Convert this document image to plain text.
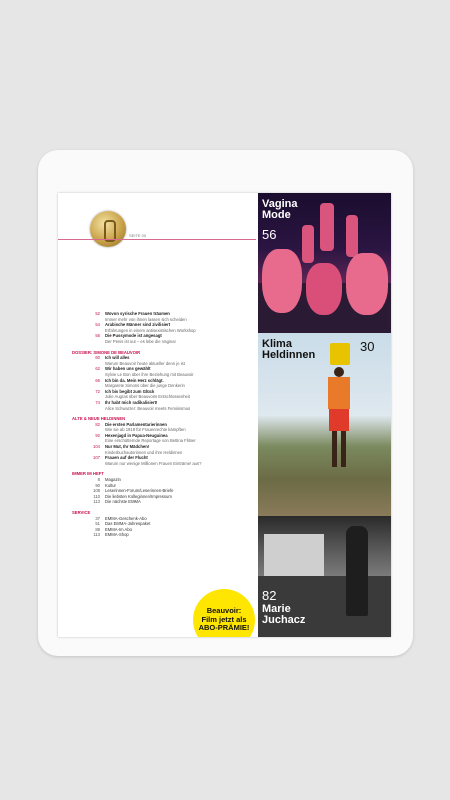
SEITE 00
52	Wovon syrische Frauen träumen
Immer mehr von ihnen lassen sich scheiden
54	Arabische Männer sind zivilisiert
Erfahrungen in einem antisexistischen Workshop
56	Die Pussymode ist angesagt
Der Penis ist out – es lebe die Vagina!
DOSSIER: SIMONE DE BEAUVOIR
60	Ich will alles
Warum Beauvoir heute aktueller denn je ist
62	Wir haben uns gewählt
Sylvie Le Bon über ihre Beziehung mit Beauvoir
66	Ich bin da. Mein Herz schlägt.
Margarete Simons über die junge Denkerin
72	Ich bis begibt zum Glück
Julie Augras über Beauvoirs Entschlossenheit
74	Ihr habt mich radikalisiert!
Alice Schwarzer: Beauvoir meets Feminismus
ALTE & NEUE HELDINNEN
82	Die ersten Parlamentarierinnen
Wie sie ab 1919 für Frauenrechte kämpften
92	Hexenjagd in Papua-Neuguinea
Eine erschütternde Reportage von Bettina Flitner
104	Nur Mut, Ihr Mädchen!
Kinderbuchautorinnen und ihre Heldinnen
107	Frauen auf der Flucht
Warum nur wenige Millionen Frauen Einträme! aus?
IMMER IM HEFT
8	Magazin
90	Kultur
108	Leserinnen-Forum/Leserinnen-Briefe
110	Die liebsten Kolleginnen/Impressum
113	Die nächste EMMA
SERVICE
37	EMMA-Geschenk-Abo
51	Das EMMA-Jahrespaket
88	EMMA-Im Abo
113	EMMA-Shop
Beauvoir:
Film jetzt als
ABO-PRÄMIE!
Vagina
Mode
56
Klima
Heldinnen
30
82
Marie
Juchacz
